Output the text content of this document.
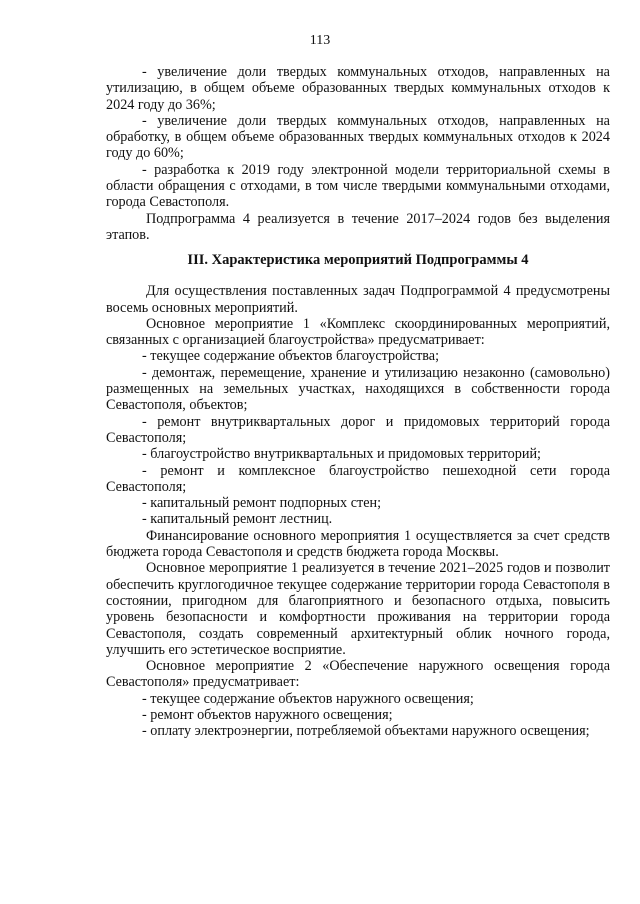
113

- увеличение доли твердых коммунальных отходов, направленных на утилизацию, в общем объеме образованных твердых коммунальных отходов к 2024 году до 36%;

- увеличение доли твердых коммунальных отходов, направленных на обработку, в общем объеме образованных твердых коммунальных отходов к 2024 году до 60%;

- разработка к 2019 году электронной модели территориальной схемы в области обращения с отходами, в том числе твердыми коммунальными отходами, города Севастополя.

Подпрограмма 4 реализуется в течение 2017–2024 годов без выделения этапов.

III. Характеристика мероприятий Подпрограммы 4

Для осуществления поставленных задач Подпрограммой 4 предусмотрены восемь основных мероприятий.

Основное мероприятие 1 «Комплекс скоординированных мероприятий, связанных с организацией благоустройства» предусматривает:

- текущее содержание объектов благоустройства;

- демонтаж, перемещение, хранение и утилизацию незаконно (самовольно) размещенных на земельных участках, находящихся в собственности города Севастополя, объектов;

- ремонт внутриквартальных дорог и придомовых территорий города Севастополя;

- благоустройство внутриквартальных и придомовых территорий;

- ремонт и комплексное благоустройство пешеходной сети города Севастополя;

- капитальный ремонт подпорных стен;

- капитальный ремонт лестниц.

Финансирование основного мероприятия 1 осуществляется за счет средств бюджета города Севастополя и средств бюджета города Москвы.

Основное мероприятие 1 реализуется в течение 2021–2025 годов и позволит обеспечить круглогодичное текущее содержание территории города Севастополя в состоянии, пригодном для благоприятного и безопасного отдыха, повысить уровень безопасности и комфортности проживания на территории города Севастополя, создать современный архитектурный облик ночного города, улучшить его эстетическое восприятие.

Основное мероприятие 2 «Обеспечение наружного освещения города Севастополя» предусматривает:

- текущее содержание объектов наружного освещения;

- ремонт объектов наружного освещения;

- оплату электроэнергии, потребляемой объектами наружного освещения;
